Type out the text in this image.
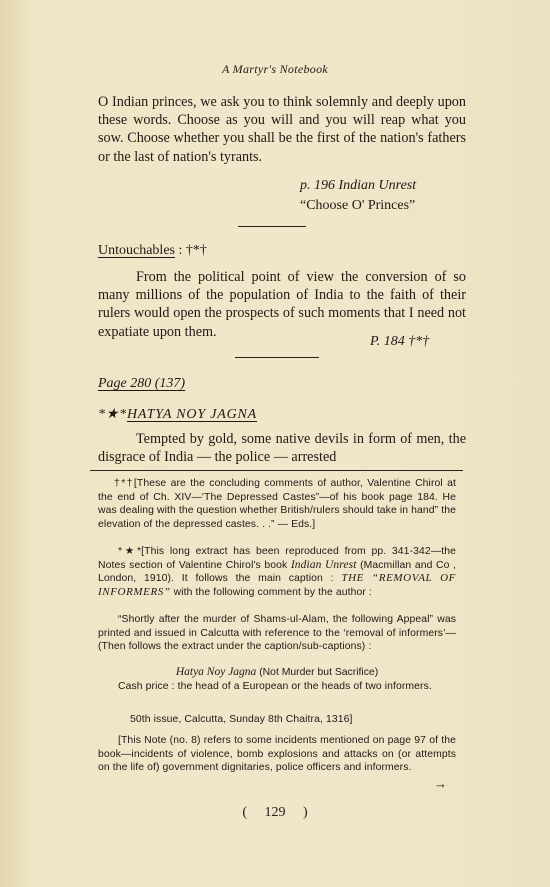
A Martyr's Notebook

O Indian princes, we ask you to think solemnly and deeply upon these words. Choose as you will and you will reap what you sow. Choose whether you shall be the first of the nation's fathers or the last of nation's tyrants.

p. 196 Indian Unrest
“Choose O' Princes”
Untouchables : †*†

From the political point of view the conversion of so many millions of the population of India to the faith of their rulers would open the prospects of such moments that I need not expatiate upon them.

P. 184 †*†
Page 280 (137)
*★*HATYA NOY JAGNA

Tempted by gold, some native devils in form of men, the disgrace of India — the police — arrested

†*†[These are the concluding comments of author, Valentine Chirol at the end of Ch. XIV—'The Depressed Castes”—of his book page 184. He was dealing with the question whether British/rulers should take in hand” the elevation of the depressed castes. . .” — Eds.]

*★*[This long extract has been reproduced from pp. 341-342—the Notes section of Valentine Chirol's book Indian Unrest (Macmillan and Co , London, 1910). It follows the main caption : THE “REMOVAL OF INFORMERS” with the following comment by the author :

“Shortly after the murder of Shams-ul-Alam, the following Appeal” was printed and issued in Calcutta with reference to the ‘removal of informers’—(Then follows the extract under the caption/sub-captions) :

Hatya Noy Jagna (Not Murder but Sacrifice)

Cash price : the head of a European or the heads of two informers.

50th issue, Calcutta, Sunday 8th Chaitra, 1316]

[This Note (no. 8) refers to some incidents mentioned on page 97 of the book—incidents of violence, bomb explosions and attacks on (or attempts on the life of) government dignitaries, police officers and informers.

→
( 129 )
